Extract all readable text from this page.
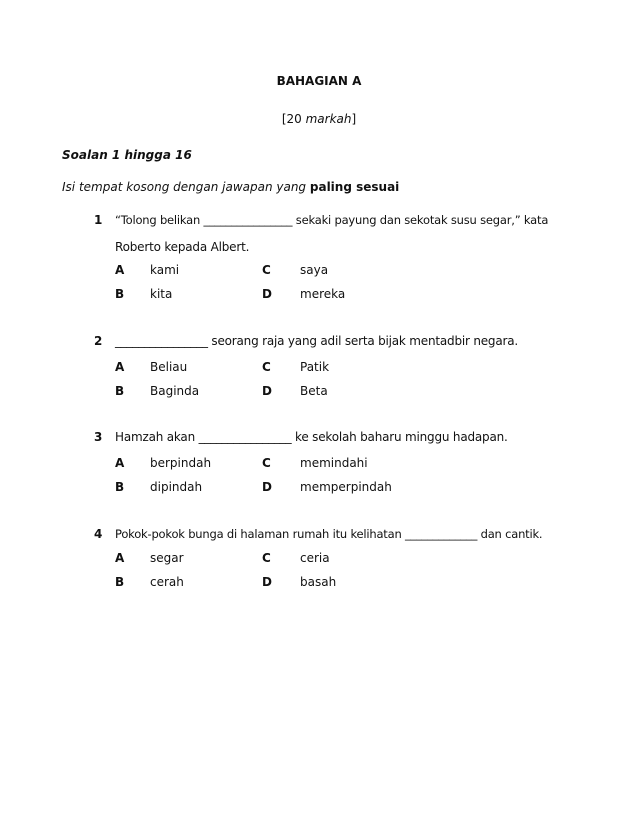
BAHAGIAN A
[20 markah]
Soalan 1 hingga 16
Isi tempat kosong dengan jawapan yang paling sesuai
1 “Tolong belikan ________________ sekaki payung dan sekotak susu segar,” kata
Roberto kepada Albert.
A kami	C saya
B kita	D mereka
2 ________________ seorang raja yang adil serta bijak mentadbir negara.
A Beliau	C Patik
B Baginda	D Beta
3 Hamzah akan ________________ ke sekolah baharu minggu hadapan.
A berpindah	C memindahi
B dipindah	D memperpindah
4 Pokok-pokok bunga di halaman rumah itu kelihatan _____________ dan cantik.
A segar	C ceria
B cerah	D basah
